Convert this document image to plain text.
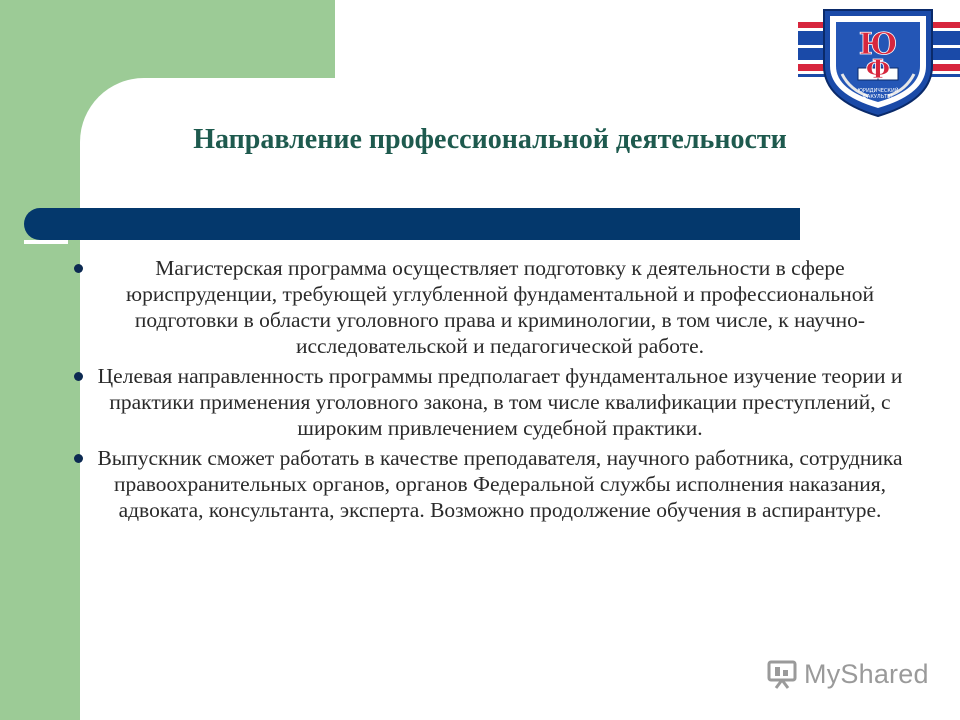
Направление профессиональной деятельности
Магистерская программа осуществляет подготовку к деятельности в сфере юриспруденции, требующей углубленной фундаментальной и профессиональной подготовки в области уголовного права и криминологии, в том числе, к научно-исследовательской и педагогической работе.
Целевая направленность программы предполагает фундаментальное изучение теории и практики применения уголовного закона, в том числе квалификации преступлений, с широким привлечением судебной практики.
Выпускник сможет работать в качестве преподавателя, научного работника, сотрудника правоохранительных органов, органов Федеральной службы исполнения наказания, адвоката, консультанта, эксперта. Возможно продолжение обучения в аспирантуре.
Ю
Ф
ЮРИДИЧЕСКИЙ
ФАКУЛЬТЕТ
MyShared
